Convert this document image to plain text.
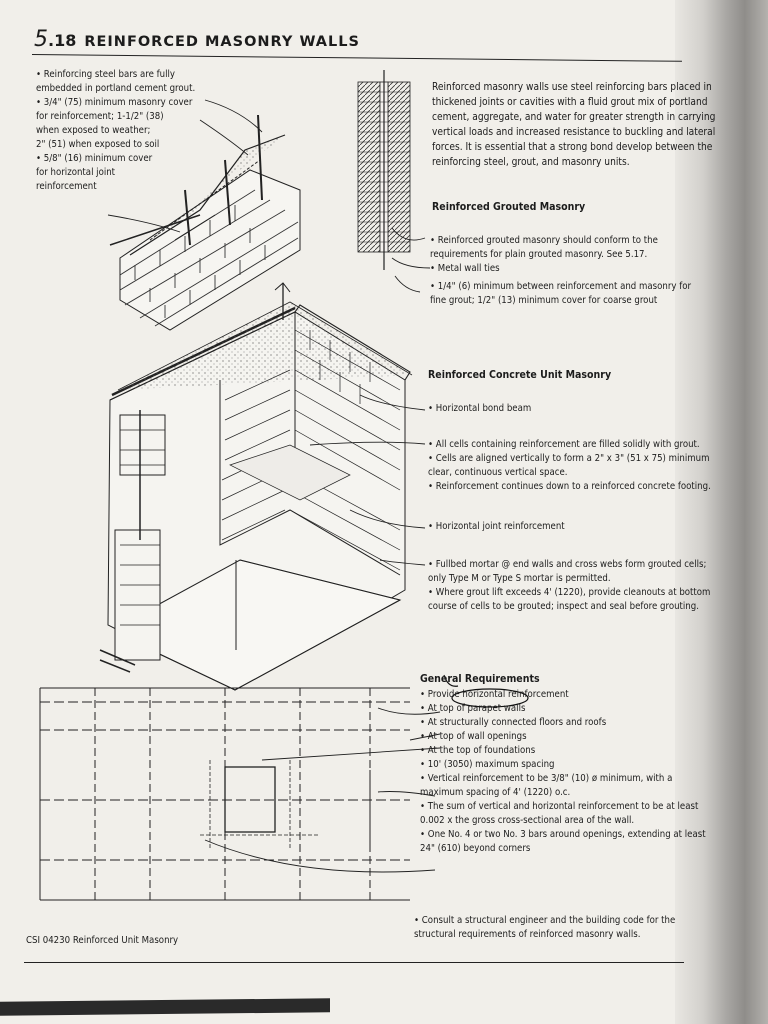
5.18 REINFORCED MASONRY WALLS
• Reinforcing steel bars are fully
embedded in portland cement grout.
• 3/4" (75) minimum masonry cover
for reinforcement; 1-1/2" (38)
when exposed to weather;
2" (51) when exposed to soil
• 5/8" (16) minimum cover
for horizontal joint
reinforcement
Reinforced masonry walls use steel reinforcing bars placed in
thickened joints or cavities with a fluid grout mix of portland
cement, aggregate, and water for greater strength in carrying
vertical loads and increased resistance to buckling and lateral
forces. It is essential that a strong bond develop between the
reinforcing steel, grout, and masonry units.
Reinforced Grouted Masonry
• Reinforced grouted masonry should conform to the
requirements for plain grouted masonry. See 5.17.
• Metal wall ties
• 1/4" (6) minimum between reinforcement and masonry for
fine grout; 1/2" (13) minimum cover for coarse grout
Reinforced Concrete Unit Masonry
• Horizontal bond beam
• All cells containing reinforcement are filled solidly with grout.
• Cells are aligned vertically to form a 2" x 3" (51 x 75) minimum
clear, continuous vertical space.
• Reinforcement continues down to a reinforced concrete footing.
• Horizontal joint reinforcement
• Fullbed mortar @ end walls and cross webs form grouted cells;
only Type M or Type S mortar is permitted.
• Where grout lift exceeds 4' (1220), provide cleanouts at bottom
course of cells to be grouted; inspect and seal before grouting.
General Requirements
• Provide horizontal reinforcement
• At top of parapet walls
• At structurally connected floors and roofs
• At top of wall openings
• At the top of foundations
• 10' (3050) maximum spacing
• Vertical reinforcement to be 3/8" (10) ø minimum, with a
maximum spacing of 4' (1220) o.c.
• The sum of vertical and horizontal reinforcement to be at least
0.002 x the gross cross-sectional area of the wall.
• One No. 4 or two No. 3 bars around openings, extending at least
24" (610) beyond corners
• Consult a structural engineer and the building code for the
structural requirements of reinforced masonry walls.
CSI 04230 Reinforced Unit Masonry
